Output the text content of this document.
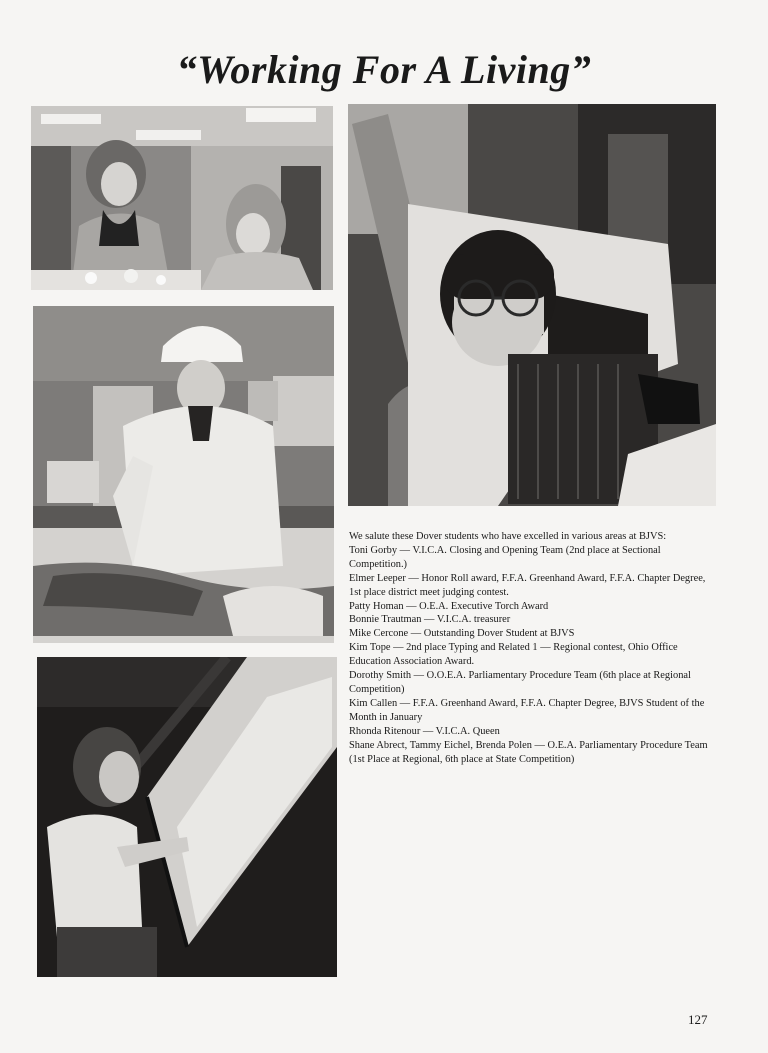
“Working For A Living”

We salute these Dover students who have excelled in various areas at BJVS:

Toni Gorby — V.I.C.A. Closing and Opening Team (2nd place at Sectional Competition.)

Elmer Leeper — Honor Roll award, F.F.A. Greenhand Award, F.F.A. Chapter Degree, 1st place district meet judging contest.

Patty Homan — O.E.A. Executive Torch Award

Bonnie Trautman — V.I.C.A. treasurer

Mike Cercone — Outstanding Dover Student at BJVS

Kim Tope — 2nd place Typing and Related 1 — Regional contest, Ohio Office Education Association Award.

Dorothy Smith — O.O.E.A. Parliamentary Procedure Team (6th place at Regional Competition)

Kim Callen — F.F.A. Greenhand Award, F.F.A. Chapter Degree, BJVS Student of the Month in January

Rhonda Ritenour — V.I.C.A. Queen

Shane Abrect, Tammy Eichel, Brenda Polen — O.E.A. Parliamentary Procedure Team (1st Place at Regional, 6th place at State Competition)

127
